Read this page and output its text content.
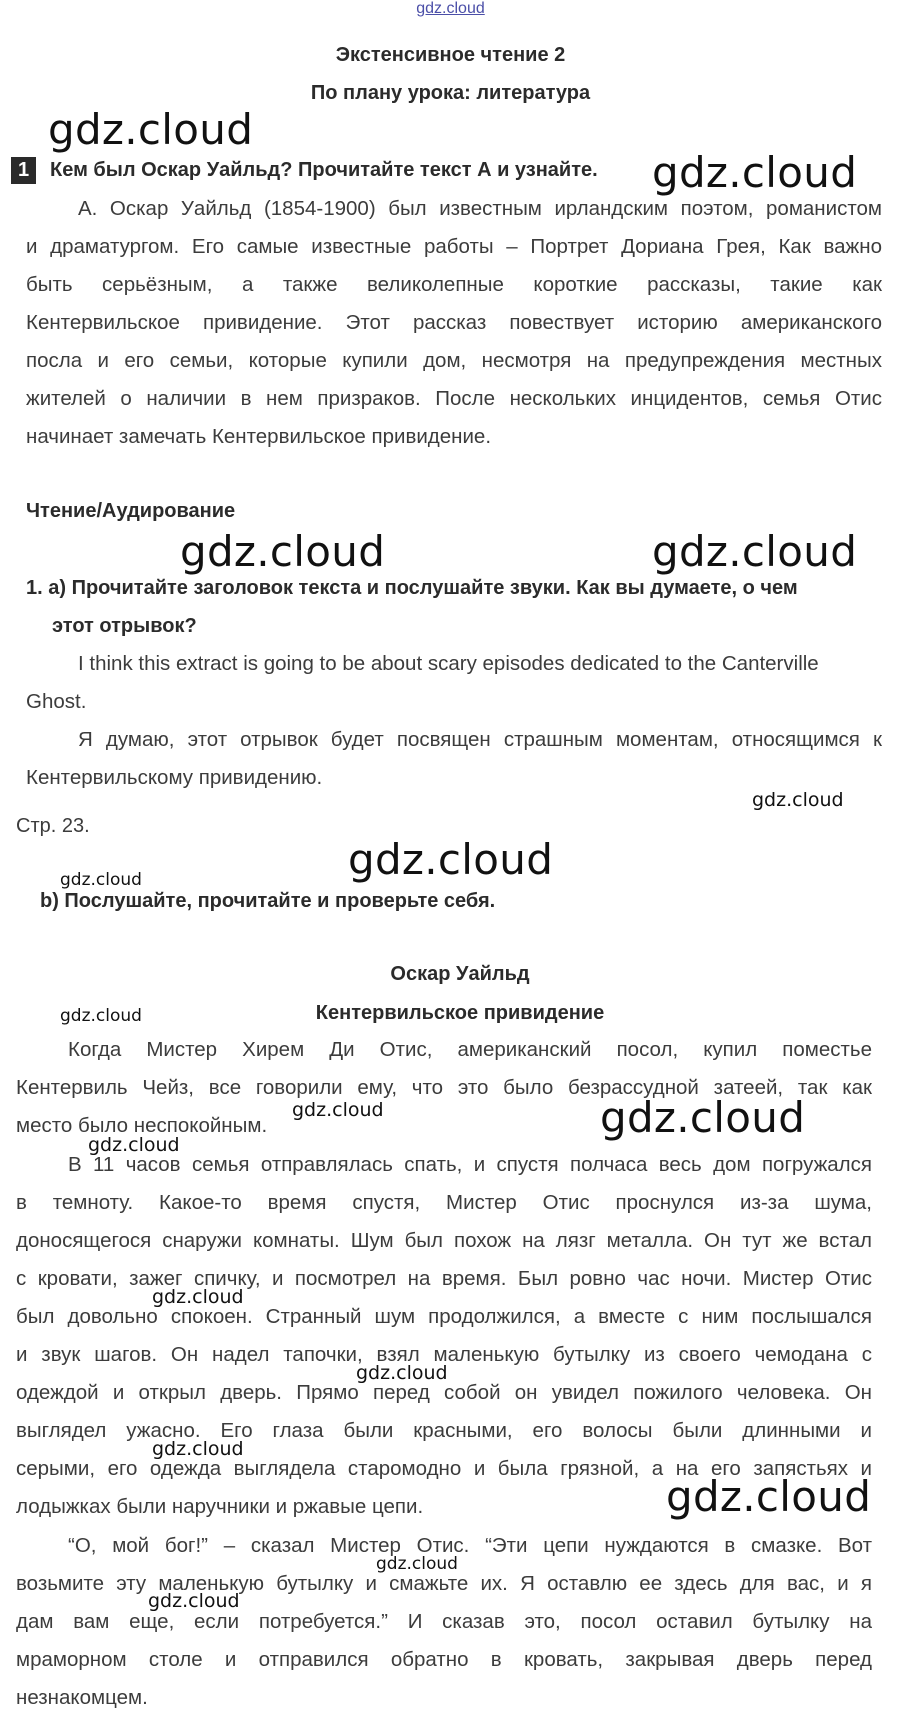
gdz.cloud
Экстенсивное чтение 2
По плану урока: литература
1	Кем был Оскар Уайльд? Прочитайте текст А и узнайте.
А. Оскар Уайльд (1854-1900) был известным ирландским поэтом, романистом
и драматургом. Его самые известные работы – Портрет Дориана Грея, Как важно
быть серьёзным, а также великолепные короткие рассказы, такие как
Кентервильское привидение. Этот рассказ повествует историю американского
посла и его семьи, которые купили дом, несмотря на предупреждения местных
жителей о наличии в нем призраков. После нескольких инцидентов, семья Отис
начинает замечать Кентервильское привидение.
Чтение/Аудирование
1. a) Прочитайте заголовок текста и послушайте звуки. Как вы думаете, о чем
этот отрывок?
I think this extract is going to be about scary episodes dedicated to the Canterville
Ghost.
Я думаю, этот отрывок будет посвящен страшным моментам, относящимся к
Кентервильскому привидению.
Стр. 23.
b) Послушайте, прочитайте и проверьте себя.
Оскар Уайльд
Кентервильское привидение
Когда Мистер Хирем Ди Отис, американский посол, купил поместье
Кентервиль Чейз, все говорили ему, что это было безрассудной затеей, так как
место было неспокойным.
В 11 часов семья отправлялась спать, и спустя полчаса весь дом погружался
в темноту. Какое-то время спустя, Мистер Отис проснулся из-за шума,
доносящегося снаружи комнаты. Шум был похож на лязг металла. Он тут же встал
с кровати, зажег спичку, и посмотрел на время. Был ровно час ночи. Мистер Отис
был довольно спокоен. Странный шум продолжился, а вместе с ним послышался
и звук шагов. Он надел тапочки, взял маленькую бутылку из своего чемодана с
одеждой и открыл дверь. Прямо перед собой он увидел пожилого человека. Он
выглядел ужасно. Его глаза были красными, его волосы были длинными и
серыми, его одежда выглядела старомодно и была грязной, а на его запястьях и
лодыжках были наручники и ржавые цепи.
“О, мой бог!” – сказал Мистер Отис. “Эти цепи нуждаются в смазке. Вот
возьмите эту маленькую бутылку и смажьте их. Я оставлю ее здесь для вас, и я
дам вам еще, если потребуется.” И сказав это, посол оставил бутылку на
мраморном столе и отправился обратно в кровать, закрывая дверь перед
незнакомцем.
gdz.cloud
gdz.cloud
gdz.cloud	gdz.cloud
gdz.cloud
gdz.cloud
gdz.cloud
gdz.cloud
gdz.cloud	gdz.cloud
gdz.cloud
gdz.cloud
gdz.cloud
gdz.cloud
gdz.cloud
gdz.cloud
gdz.cloud
